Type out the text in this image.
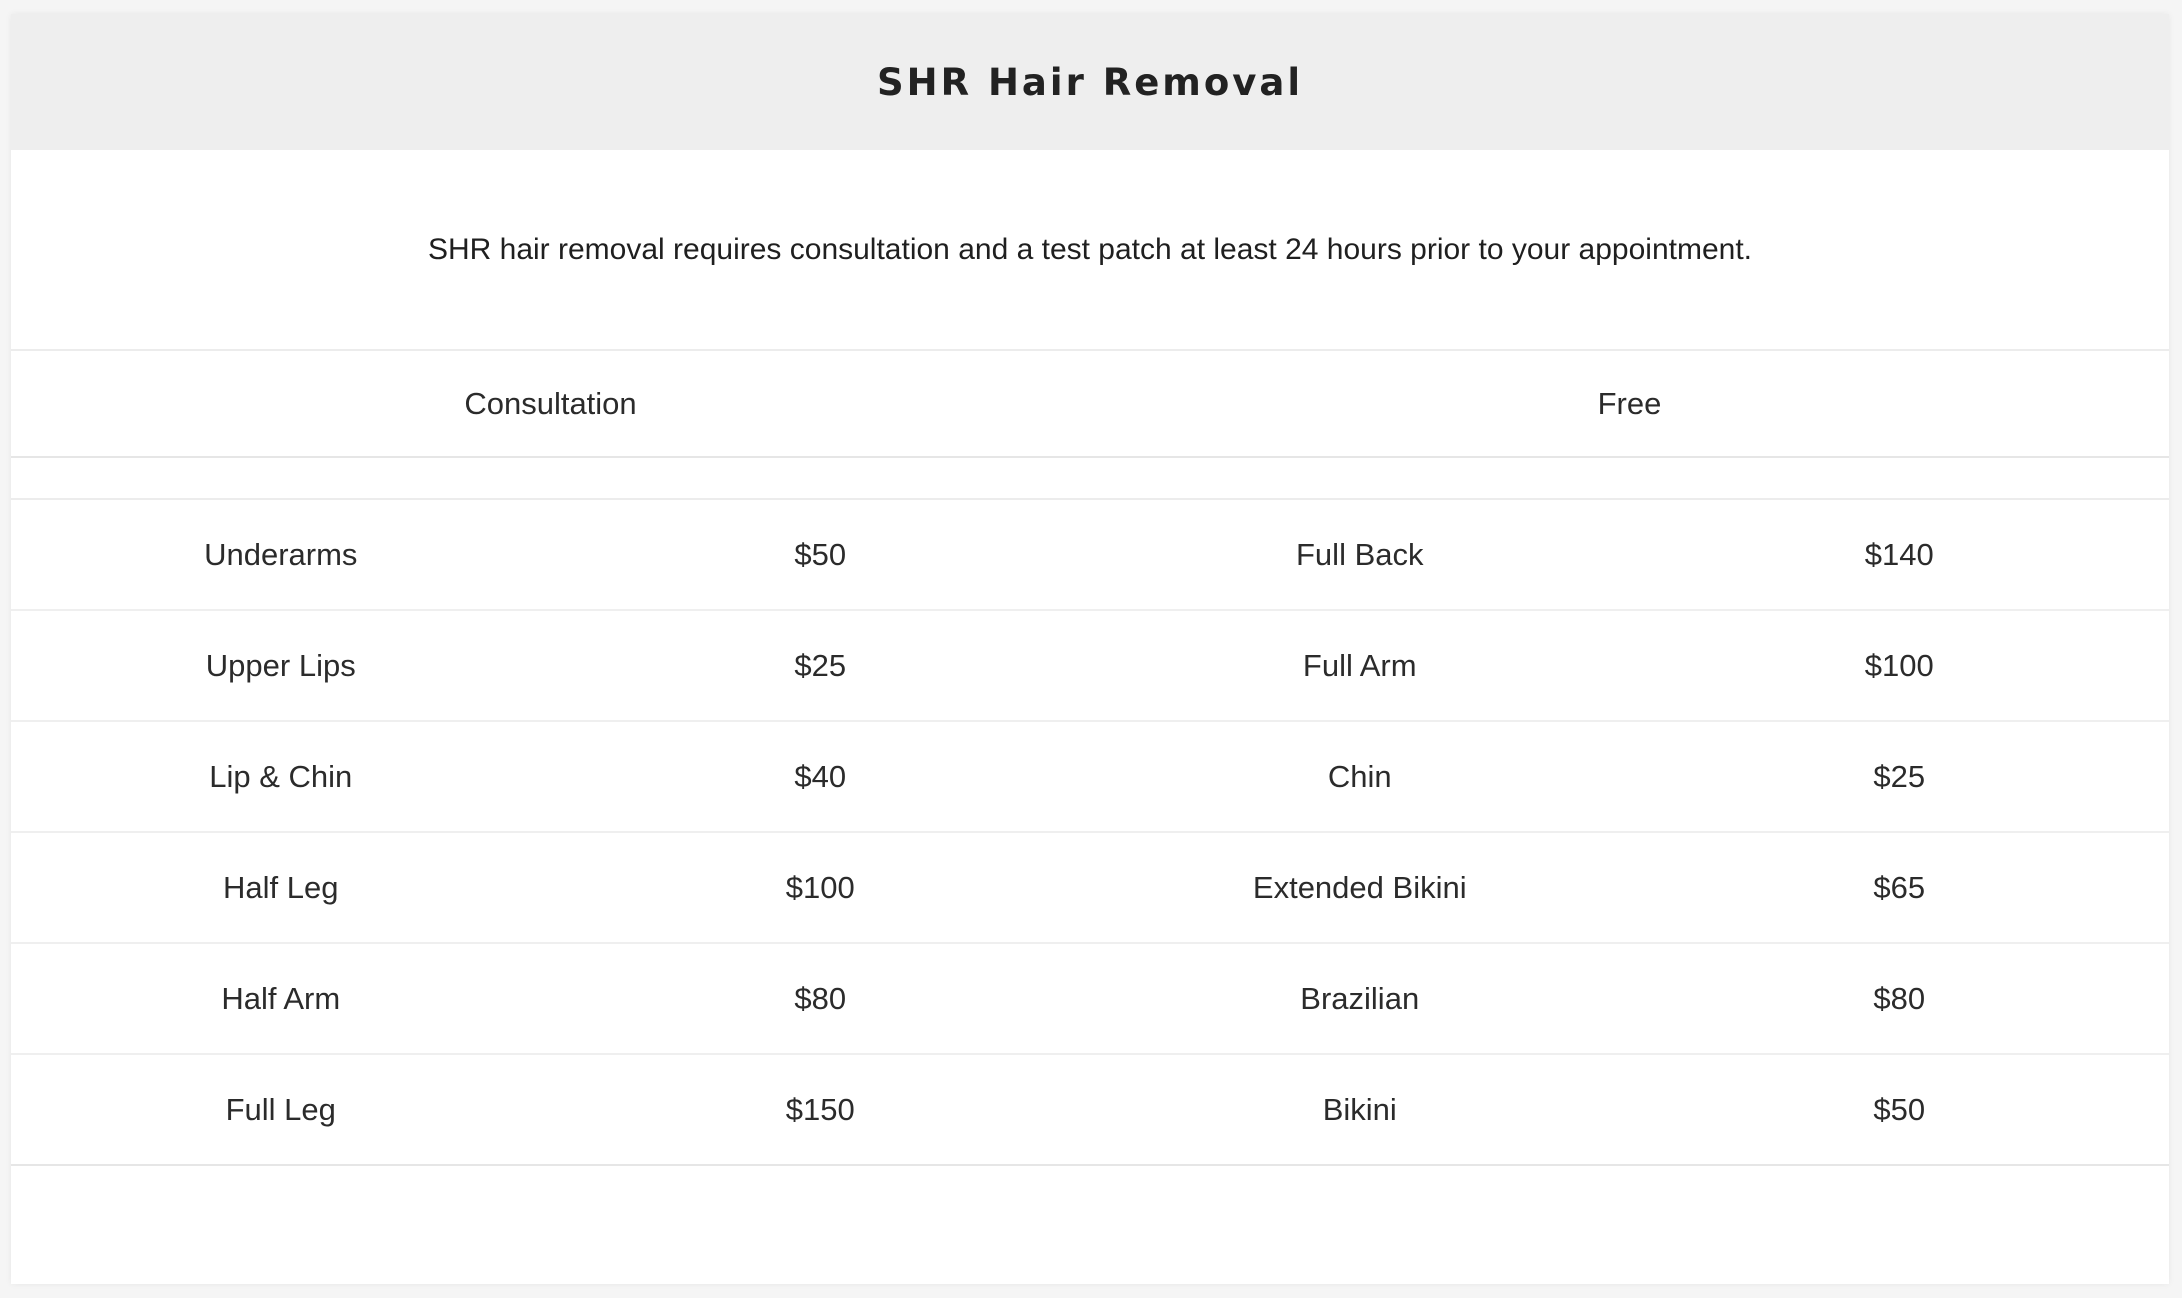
SHR Hair Removal
SHR hair removal requires consultation and a test patch at least 24 hours prior to your appointment.
Consultation	Free
Underarms	$50	Full Back	$140
Upper Lips	$25	Full Arm	$100
Lip & Chin	$40	Chin	$25
Half Leg	$100	Extended Bikini	$65
Half Arm	$80	Brazilian	$80
Full Leg	$150	Bikini	$50
